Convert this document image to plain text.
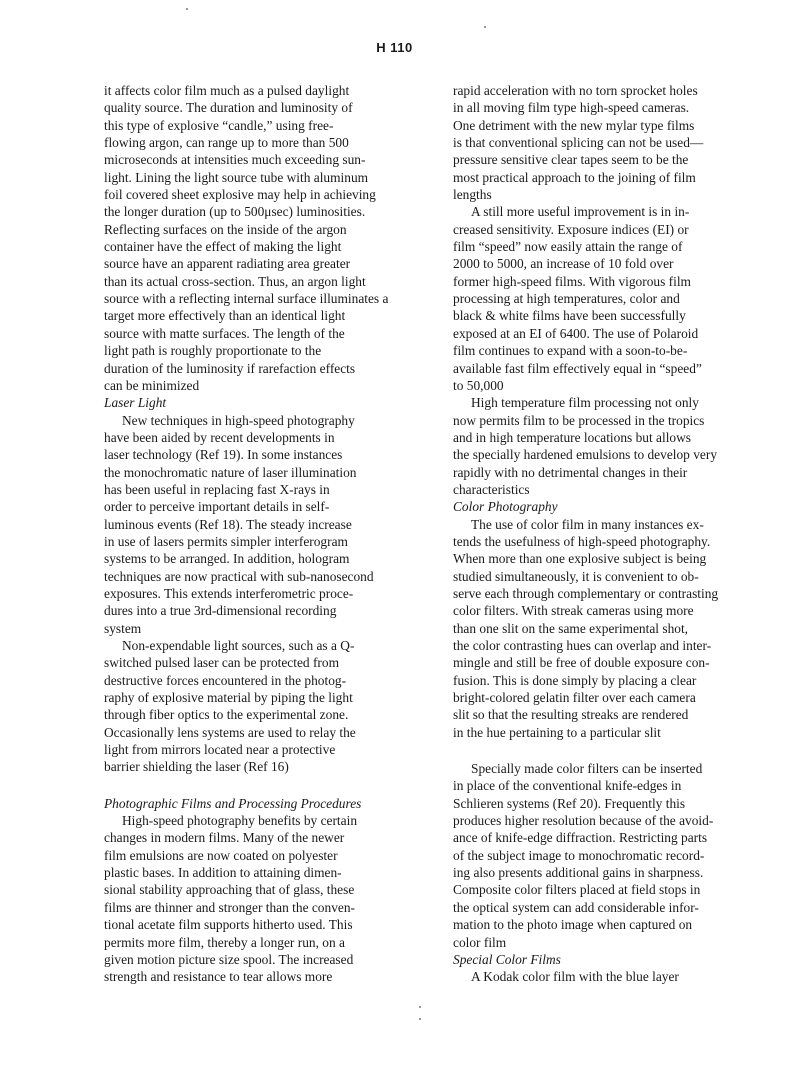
H 110
it affects color film much as a pulsed daylight
quality source. The duration and luminosity of
this type of explosive “candle,” using free-
flowing argon, can range up to more than 500
microseconds at intensities much exceeding sun-
light. Lining the light source tube with aluminum
foil covered sheet explosive may help in achieving
the longer duration (up to 500μsec) luminosities.
Reflecting surfaces on the inside of the argon
container have the effect of making the light
source have an apparent radiating area greater
than its actual cross-section. Thus, an argon light
source with a reflecting internal surface illuminates a
target more effectively than an identical light
source with matte surfaces. The length of the
light path is roughly proportionate to the
duration of the luminosity if rarefaction effects
can be minimized
Laser Light
New techniques in high-speed photography
have been aided by recent developments in
laser technology (Ref 19). In some instances
the monochromatic nature of laser illumination
has been useful in replacing fast X-rays in
order to perceive important details in self-
luminous events (Ref 18). The steady increase
in use of lasers permits simpler interferogram
systems to be arranged. In addition, hologram
techniques are now practical with sub-nanosecond
exposures. This extends interferometric proce-
dures into a true 3rd-dimensional recording
system
Non-expendable light sources, such as a Q-
switched pulsed laser can be protected from
destructive forces encountered in the photog-
raphy of explosive material by piping the light
through fiber optics to the experimental zone.
Occasionally lens systems are used to relay the
light from mirrors located near a protective
barrier shielding the laser (Ref 16)
Photographic Films and Processing Procedures
High-speed photography benefits by certain
changes in modern films. Many of the newer
film emulsions are now coated on polyester
plastic bases. In addition to attaining dimen-
sional stability approaching that of glass, these
films are thinner and stronger than the conven-
tional acetate film supports hitherto used. This
permits more film, thereby a longer run, on a
given motion picture size spool. The increased
strength and resistance to tear allows more
rapid acceleration with no torn sprocket holes
in all moving film type high-speed cameras.
One detriment with the new mylar type films
is that conventional splicing can not be used—
pressure sensitive clear tapes seem to be the
most practical approach to the joining of film
lengths
A still more useful improvement is in in-
creased sensitivity. Exposure indices (EI) or
film “speed” now easily attain the range of
2000 to 5000, an increase of 10 fold over
former high-speed films. With vigorous film
processing at high temperatures, color and
black & white films have been successfully
exposed at an EI of 6400. The use of Polaroid
film continues to expand with a soon-to-be-
available fast film effectively equal in “speed”
to 50,000
High temperature film processing not only
now permits film to be processed in the tropics
and in high temperature locations but allows
the specially hardened emulsions to develop very
rapidly with no detrimental changes in their
characteristics
Color Photography
The use of color film in many instances ex-
tends the usefulness of high-speed photography.
When more than one explosive subject is being
studied simultaneously, it is convenient to ob-
serve each through complementary or contrasting
color filters. With streak cameras using more
than one slit on the same experimental shot,
the color contrasting hues can overlap and inter-
mingle and still be free of double exposure con-
fusion. This is done simply by placing a clear
bright-colored gelatin filter over each camera
slit so that the resulting streaks are rendered
in the hue pertaining to a particular slit
Specially made color filters can be inserted
in place of the conventional knife-edges in
Schlieren systems (Ref 20). Frequently this
produces higher resolution because of the avoid-
ance of knife-edge diffraction. Restricting parts
of the subject image to monochromatic record-
ing also presents additional gains in sharpness.
Composite color filters placed at field stops in
the optical system can add considerable infor-
mation to the photo image when captured on
color film
Special Color Films
A Kodak color film with the blue layer
